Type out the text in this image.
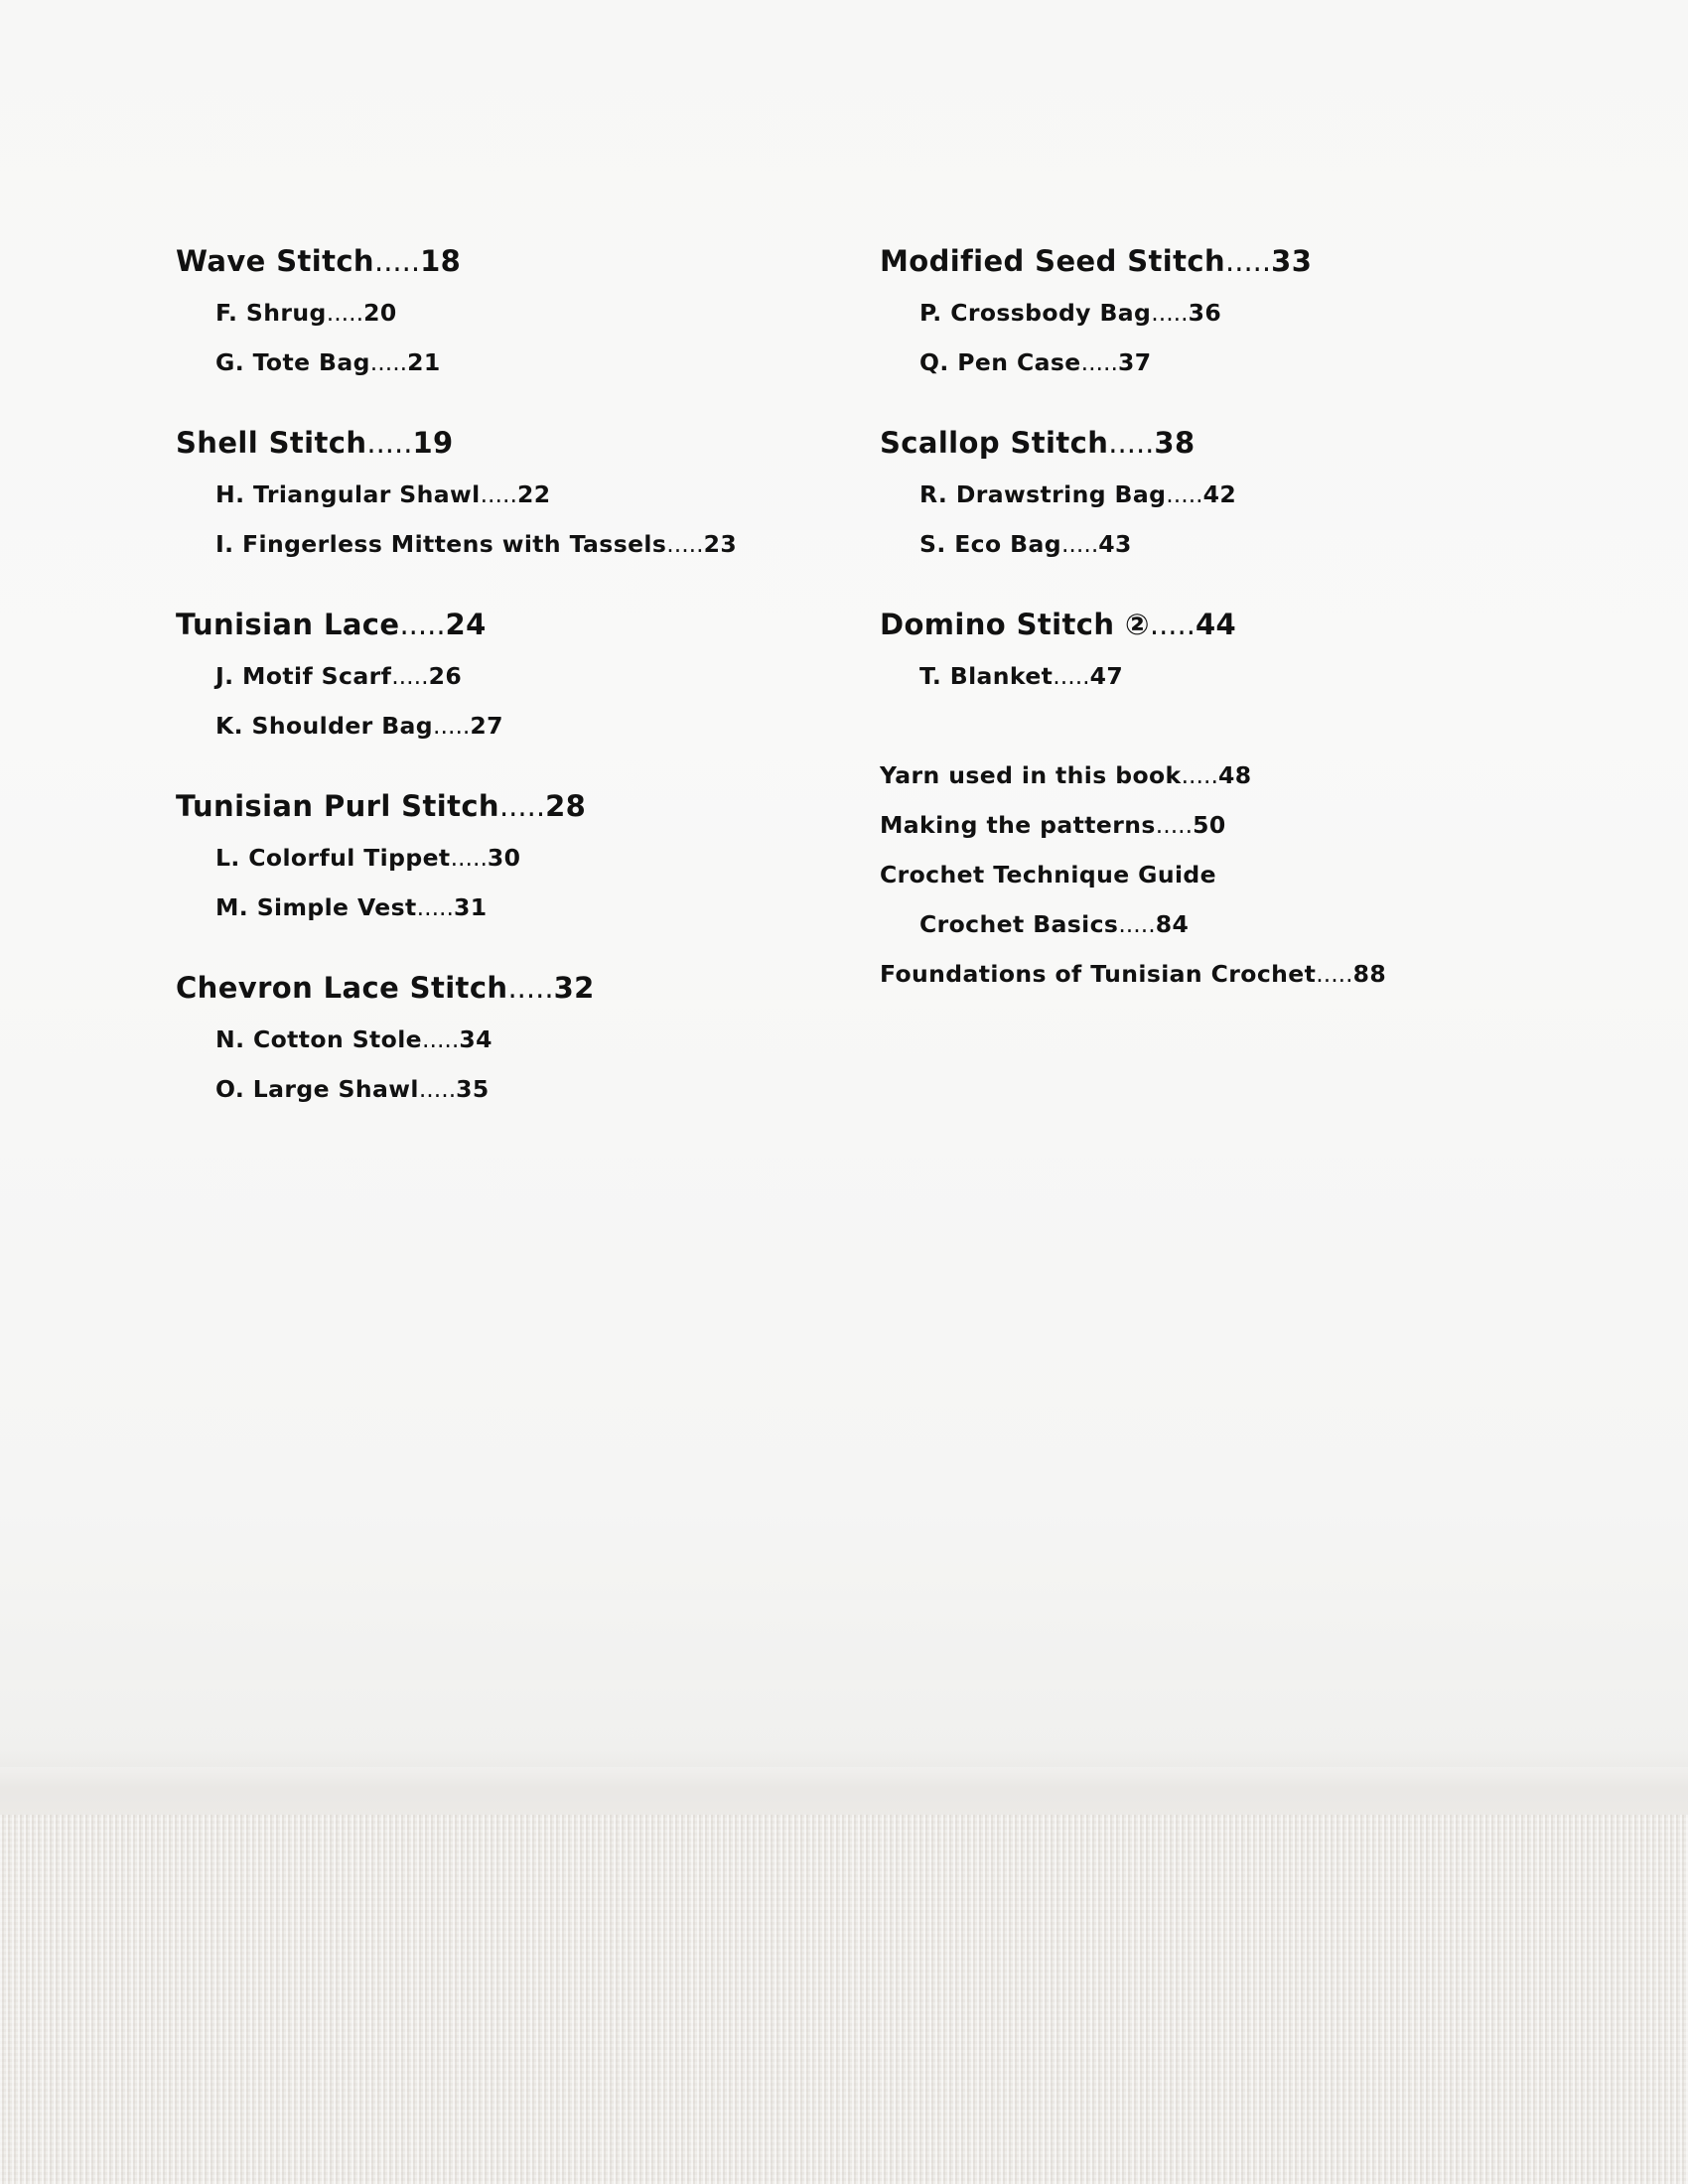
Wave Stitch.....18
F. Shrug.....20
G. Tote Bag.....21
Shell Stitch.....19
H. Triangular Shawl.....22
I. Fingerless Mittens with Tassels.....23
Tunisian Lace.....24
J. Motif Scarf.....26
K. Shoulder Bag.....27
Tunisian Purl Stitch.....28
L. Colorful Tippet.....30
M. Simple Vest.....31
Chevron Lace Stitch.....32
N. Cotton Stole.....34
O. Large Shawl.....35
Modified Seed Stitch.....33
P. Crossbody Bag.....36
Q. Pen Case.....37
Scallop Stitch.....38
R. Drawstring Bag.....42
S. Eco Bag.....43
Domino Stitch ②.....44
T. Blanket.....47
Yarn used in this book.....48
Making the patterns.....50
Crochet Technique Guide
Crochet Basics.....84
Foundations of Tunisian Crochet.....88
